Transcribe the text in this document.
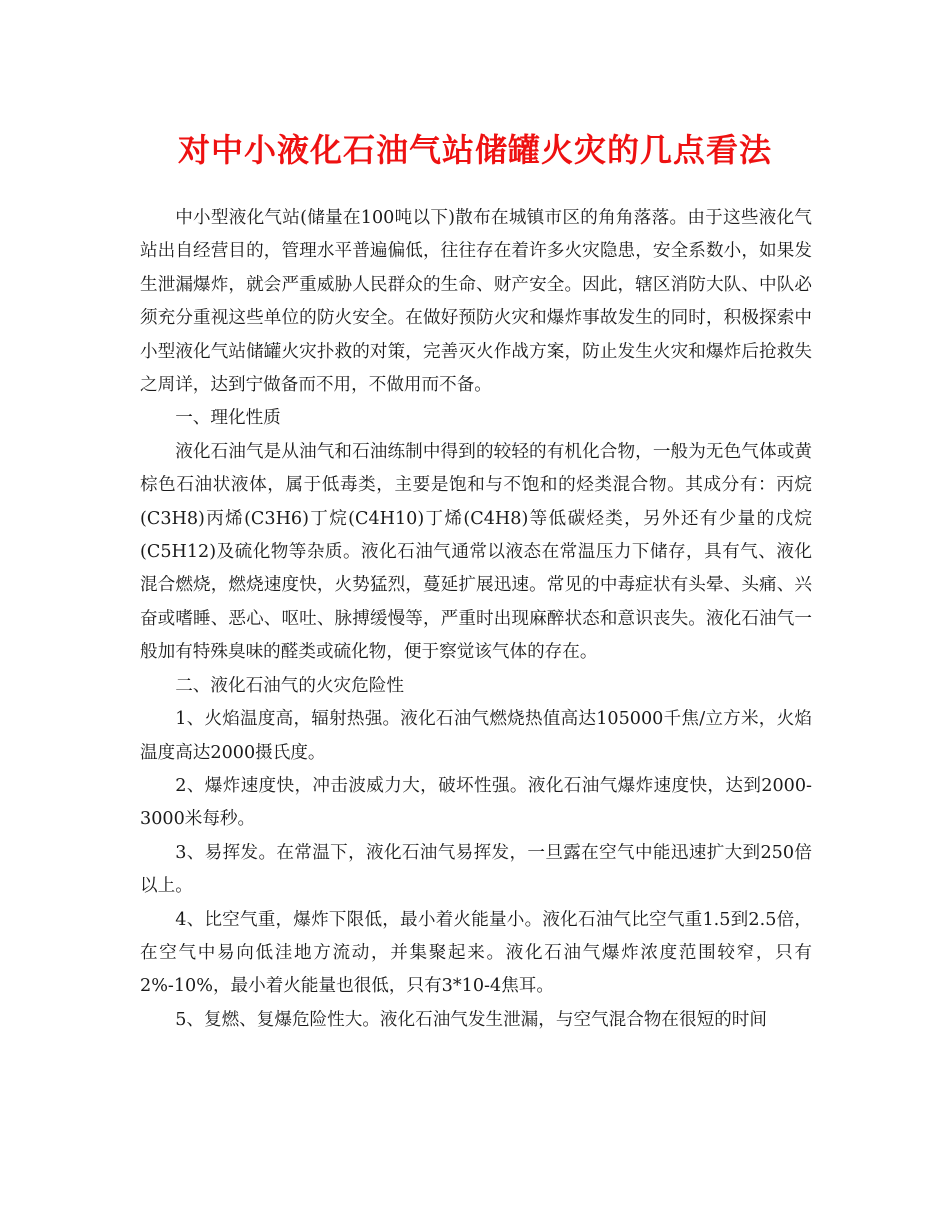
对中小液化石油气站储罐火灾的几点看法

中小型液化气站(储量在100吨以下)散布在城镇市区的角角落落。由于这些液化气站出自经营目的，管理水平普遍偏低，往往存在着许多火灾隐患，安全系数小，如果发生泄漏爆炸，就会严重威胁人民群众的生命、财产安全。因此，辖区消防大队、中队必须充分重视这些单位的防火安全。在做好预防火灾和爆炸事故发生的同时，积极探索中小型液化气站储罐火灾扑救的对策，完善灭火作战方案，防止发生火灾和爆炸后抢救失之周详，达到宁做备而不用，不做用而不备。

一、理化性质

液化石油气是从油气和石油练制中得到的较轻的有机化合物，一般为无色气体或黄棕色石油状液体，属于低毒类，主要是饱和与不饱和的烃类混合物。其成分有：丙烷(C3H8)丙烯(C3H6)丁烷(C4H10)丁烯(C4H8)等低碳烃类，另外还有少量的戊烷(C5H12)及硫化物等杂质。液化石油气通常以液态在常温压力下储存，具有气、液化混合燃烧，燃烧速度快，火势猛烈，蔓延扩展迅速。常见的中毒症状有头晕、头痛、兴奋或嗜睡、恶心、呕吐、脉搏缓慢等，严重时出现麻醉状态和意识丧失。液化石油气一般加有特殊臭味的醛类或硫化物，便于察觉该气体的存在。

二、液化石油气的火灾危险性

1、火焰温度高，辐射热强。液化石油气燃烧热值高达105000千焦/立方米，火焰温度高达2000摄氏度。

2、爆炸速度快，冲击波威力大，破坏性强。液化石油气爆炸速度快，达到2000-3000米每秒。

3、易挥发。在常温下，液化石油气易挥发，一旦露在空气中能迅速扩大到250倍以上。

4、比空气重，爆炸下限低，最小着火能量小。液化石油气比空气重1.5到2.5倍，在空气中易向低洼地方流动，并集聚起来。液化石油气爆炸浓度范围较窄，只有2%-10%，最小着火能量也很低，只有3*10-4焦耳。

5、复燃、复爆危险性大。液化石油气发生泄漏，与空气混合物在很短的时间
